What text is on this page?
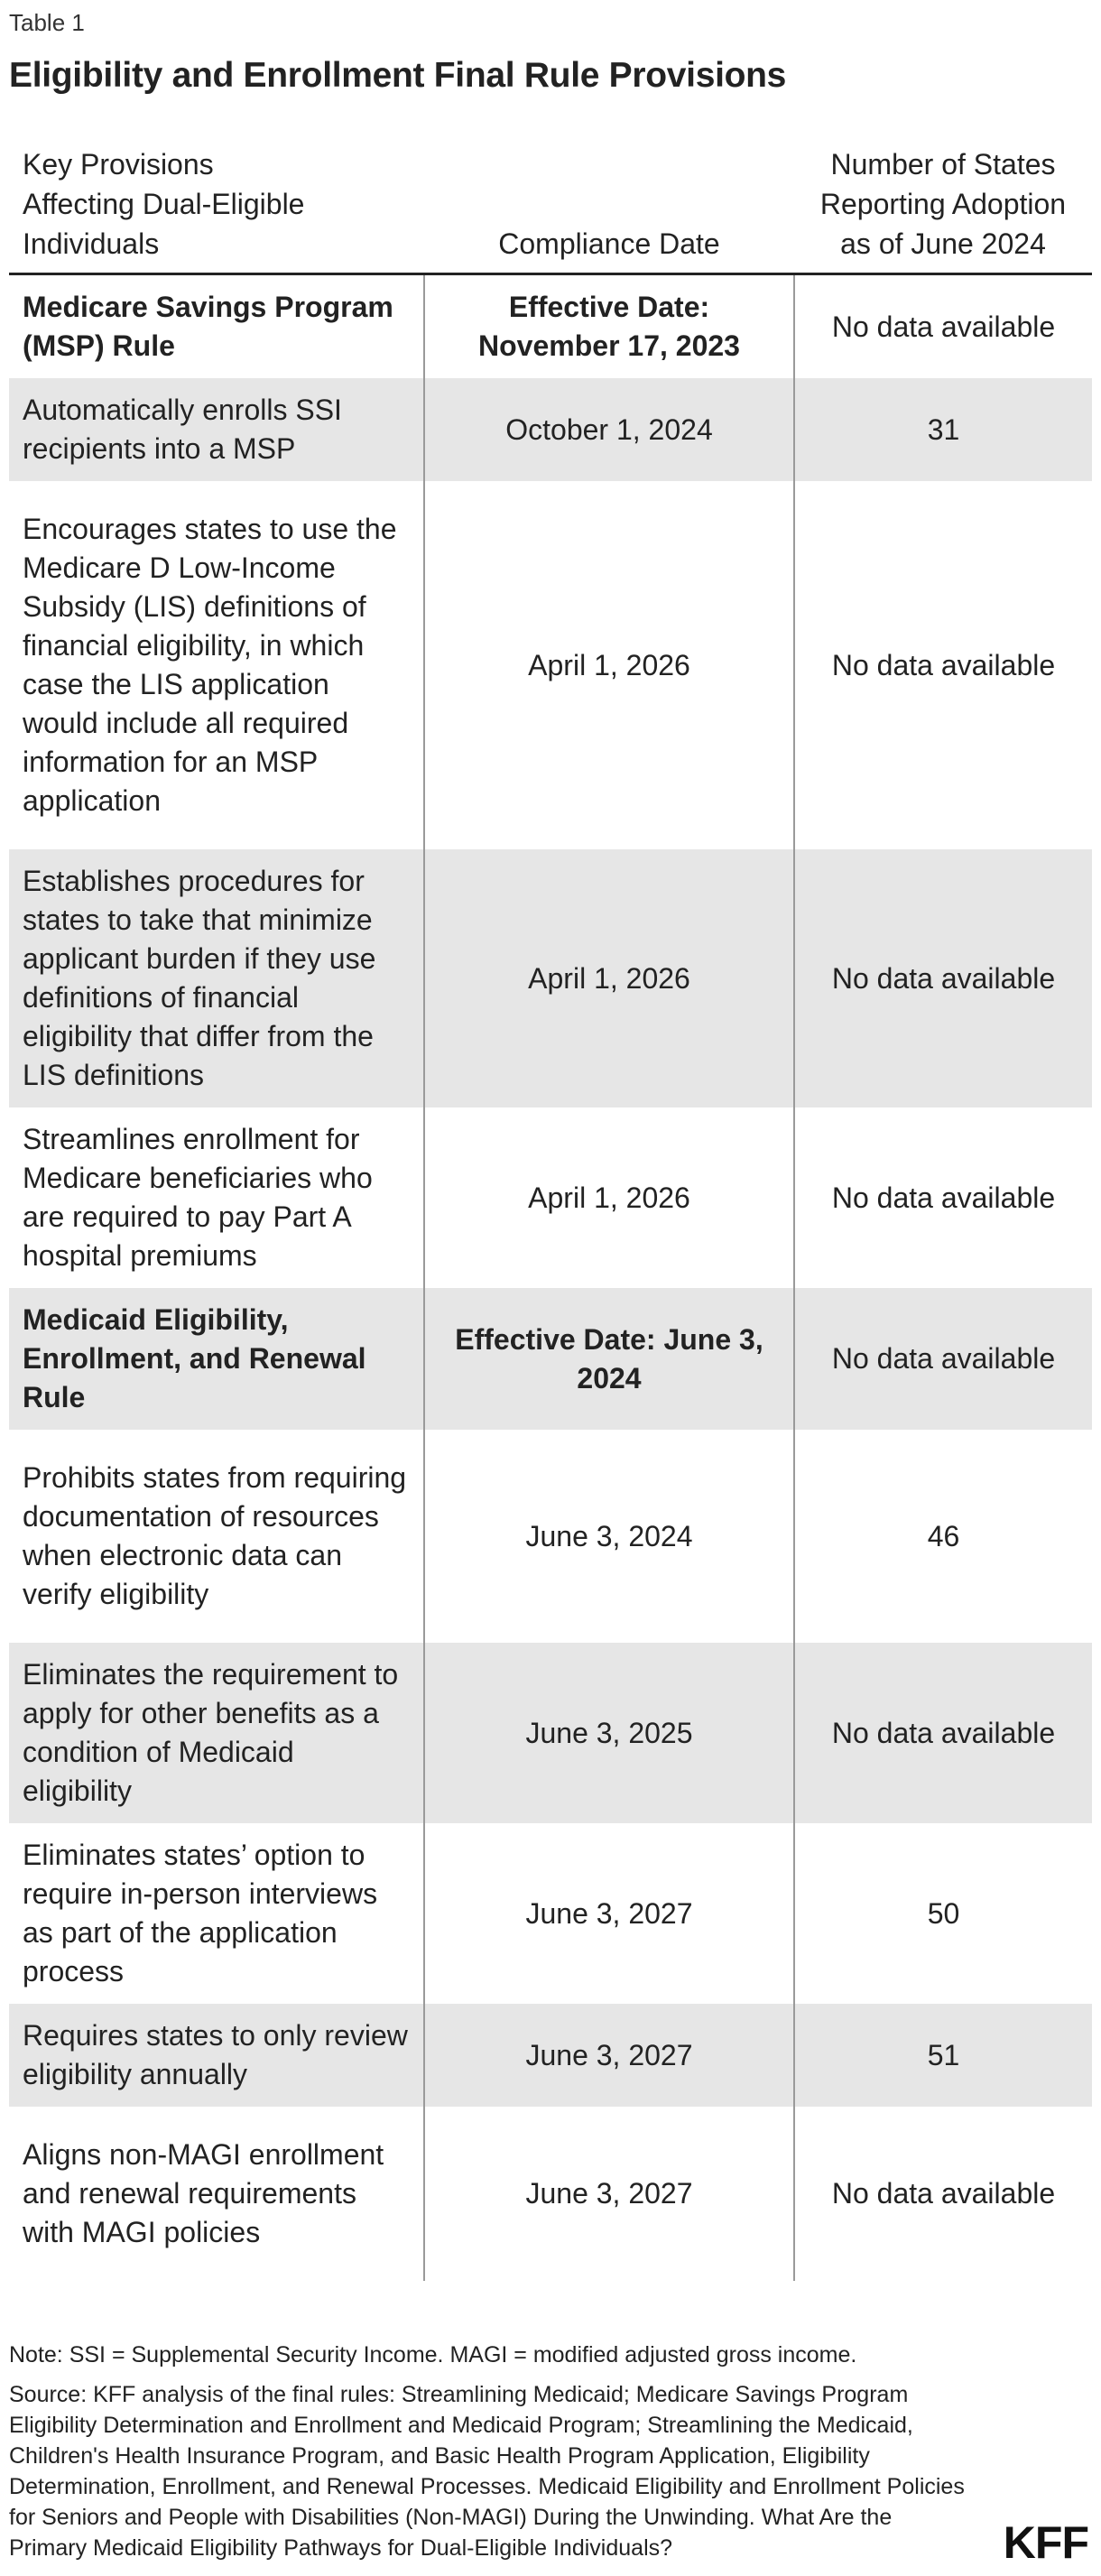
Table 1
Eligibility and Enrollment Final Rule Provisions
Key Provisions Affecting Dual-Eligible Individuals	Compliance Date	Number of States Reporting Adoption as of June 2024
Medicare Savings Program (MSP) Rule	Effective Date: November 17, 2023	No data available
Automatically enrolls SSI recipients into a MSP	October 1, 2024	31
Encourages states to use the Medicare D Low-Income Subsidy (LIS) definitions of financial eligibility, in which case the LIS application would include all required information for an MSP application	April 1, 2026	No data available
Establishes procedures for states to take that minimize applicant burden if they use definitions of financial eligibility that differ from the LIS definitions	April 1, 2026	No data available
Streamlines enrollment for Medicare beneficiaries who are required to pay Part A hospital premiums	April 1, 2026	No data available
Medicaid Eligibility, Enrollment, and Renewal Rule	Effective Date: June 3, 2024	No data available
Prohibits states from requiring documentation of resources when electronic data can verify eligibility	June 3, 2024	46
Eliminates the requirement to apply for other benefits as a condition of Medicaid eligibility	June 3, 2025	No data available
Eliminates states’ option to require in-person interviews as part of the application process	June 3, 2027	50
Requires states to only review eligibility annually	June 3, 2027	51
Aligns non-MAGI enrollment and renewal requirements with MAGI policies	June 3, 2027	No data available
Note: SSI = Supplemental Security Income. MAGI = modified adjusted gross income.
Source: KFF analysis of the final rules: Streamlining Medicaid; Medicare Savings Program Eligibility Determination and Enrollment and Medicaid Program; Streamlining the Medicaid, Children's Health Insurance Program, and Basic Health Program Application, Eligibility Determination, Enrollment, and Renewal Processes. Medicaid Eligibility and Enrollment Policies for Seniors and People with Disabilities (Non-MAGI) During the Unwinding. What Are the Primary Medicaid Eligibility Pathways for Dual-Eligible Individuals?	KFF
